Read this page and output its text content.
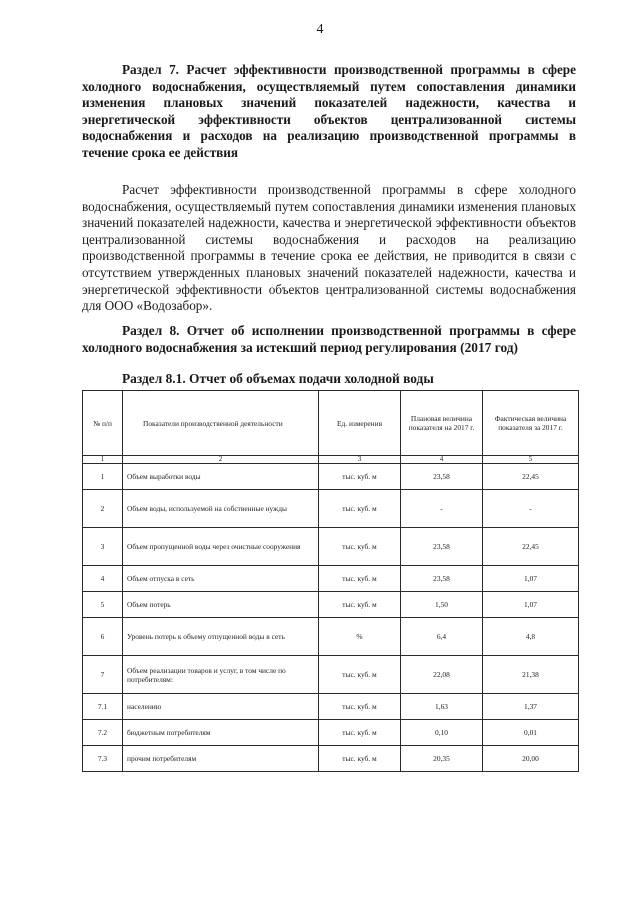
4
Раздел 7. Расчет эффективности производственной программы в сфере холодного водоснабжения, осуществляемый путем сопоставления динамики изменения плановых значений показателей надежности, качества и энергетической эффективности объектов централизованной системы водоснабжения и расходов на реализацию производственной программы в течение срока ее действия
Расчет эффективности производственной программы в сфере холодного водоснабжения, осуществляемый путем сопоставления динамики изменения плановых значений показателей надежности, качества и энергетической эффективности объектов централизованной системы водоснабжения и расходов на реализацию производственной программы в течение срока ее действия, не приводится в связи с отсутствием утвержденных плановых значений показателей надежности, качества и энергетической эффективности объектов централизованной системы водоснабжения для ООО «Водозабор».
Раздел 8. Отчет об исполнении производственной программы в сфере холодного водоснабжения за истекший период регулирования (2017 год)
Раздел 8.1. Отчет об объемах подачи холодной воды
№ п/п	Показатели производственной деятельности	Ед. измерения	Плановая величина показателя на 2017 г.	Фактическая величина показателя за 2017 г.
1	2	3	4	5
1	Объем выработки воды	тыс. куб. м	23,58	22,45
2	Объем воды, используемой на собственные нужды	тыс. куб. м	-	-
3	Объем пропущенной воды через очистные сооружения	тыс. куб. м	23,58	22,45
4	Объем отпуска в сеть	тыс. куб. м	23,58	1,07
5	Объем потерь	тыс. куб. м	1,50	1,07
6	Уровень потерь к объему отпущенной воды в сеть	%	6,4	4,8
7	Объем реализации товаров и услуг, в том числе по потребителям:	тыс. куб. м	22,08	21,38
7.1	населению	тыс. куб. м	1,63	1,37
7.2	бюджетным потребителям	тыс. куб. м	0,10	0,01
7.3	прочим потребителям	тыс. куб. м	20,35	20,00
